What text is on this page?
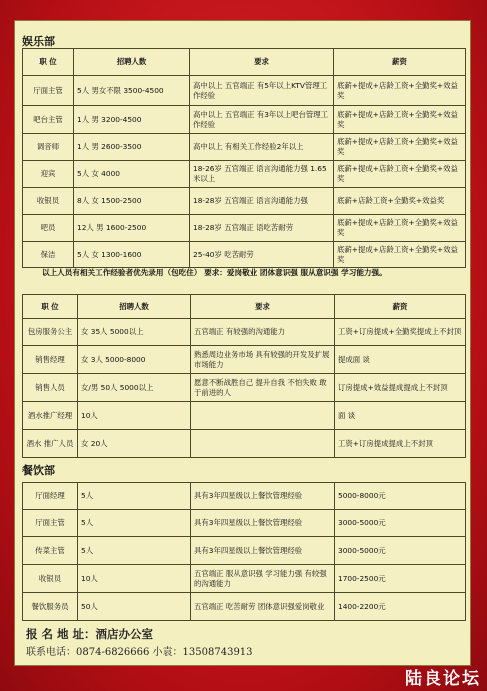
娱乐部
职 位	招聘人数	要求	薪资
厅面主管	5人 男女不限 3500-4500	高中以上 五官端正 有5年以上KTV管理工作经验	底薪+提成+店龄工资+全勤奖+效益奖
吧台主管	1人 男 3200-4500	高中以上 五官端正 有3年以上吧台管理工作经验	底薪+提成+店龄工资+全勤奖+效益奖
调音师	1人 男 2600-3500	高中以上 有相关工作经验2年以上	底薪+提成+店龄工资+全勤奖+效益奖
迎宾	5人 女 4000	18-26岁 五官端正 语言沟通能力强 1.65米以上	底薪+提成+店龄工资+全勤奖+效益奖
收银员	8人 女 1500-2500	18-28岁 五官端正 语言沟通能力强	底薪+店龄工资+全勤奖+效益奖
吧员	12人 男 1600-2500	18-28岁 五官端正 语吃苦耐劳	底薪+提成+店龄工资+全勤奖+效益奖
保洁	5人 女 1300-1600	25-40岁 吃苦耐劳	底薪+提成+店龄工资+全勤奖+效益奖
以上人员有相关工作经验者优先录用（包吃住） 要求：爱岗敬业 团体意识强 服从意识强 学习能力强。
职 位	招聘人数	要求	薪资
包房服务公主	女 35人 5000以上	五官端正 有较强的沟通能力	工资+订房提成+全勤奖提成上不封顶
销售经理	女 3人 5000-8000	熟悉周边业务市场 具有较强的开发及扩展市场能力	提成面 谈
销售人员	女/男 50人 5000以上	愿意不断战胜自己 提升自我 不怕失败 敢于前进的人	订房提成+效益提成提成上不封顶
酒水推广经理	10人		面 谈
酒水 推广人员	女 20人		工资+订房提成提成上不封顶
餐饮部
厅面经理	5人	具有3年四星级以上餐饮管理经验	5000-8000元
厅面主管	5人	具有3年四星级以上餐饮管理经验	3000-5000元
传菜主管	5人	具有3年四星级以上餐饮管理经验	3000-5000元
收银员	10人	五官端正 服从意识强 学习能力强 有较强的沟通能力	1700-2500元
餐饮服务员	50人	五官端正 吃苦耐劳 团体意识强爱岗敬业	1400-2200元
报 名 地 址：酒店办公室
联系电话：0874-6826666 小袁：13508743913
陆良论坛
